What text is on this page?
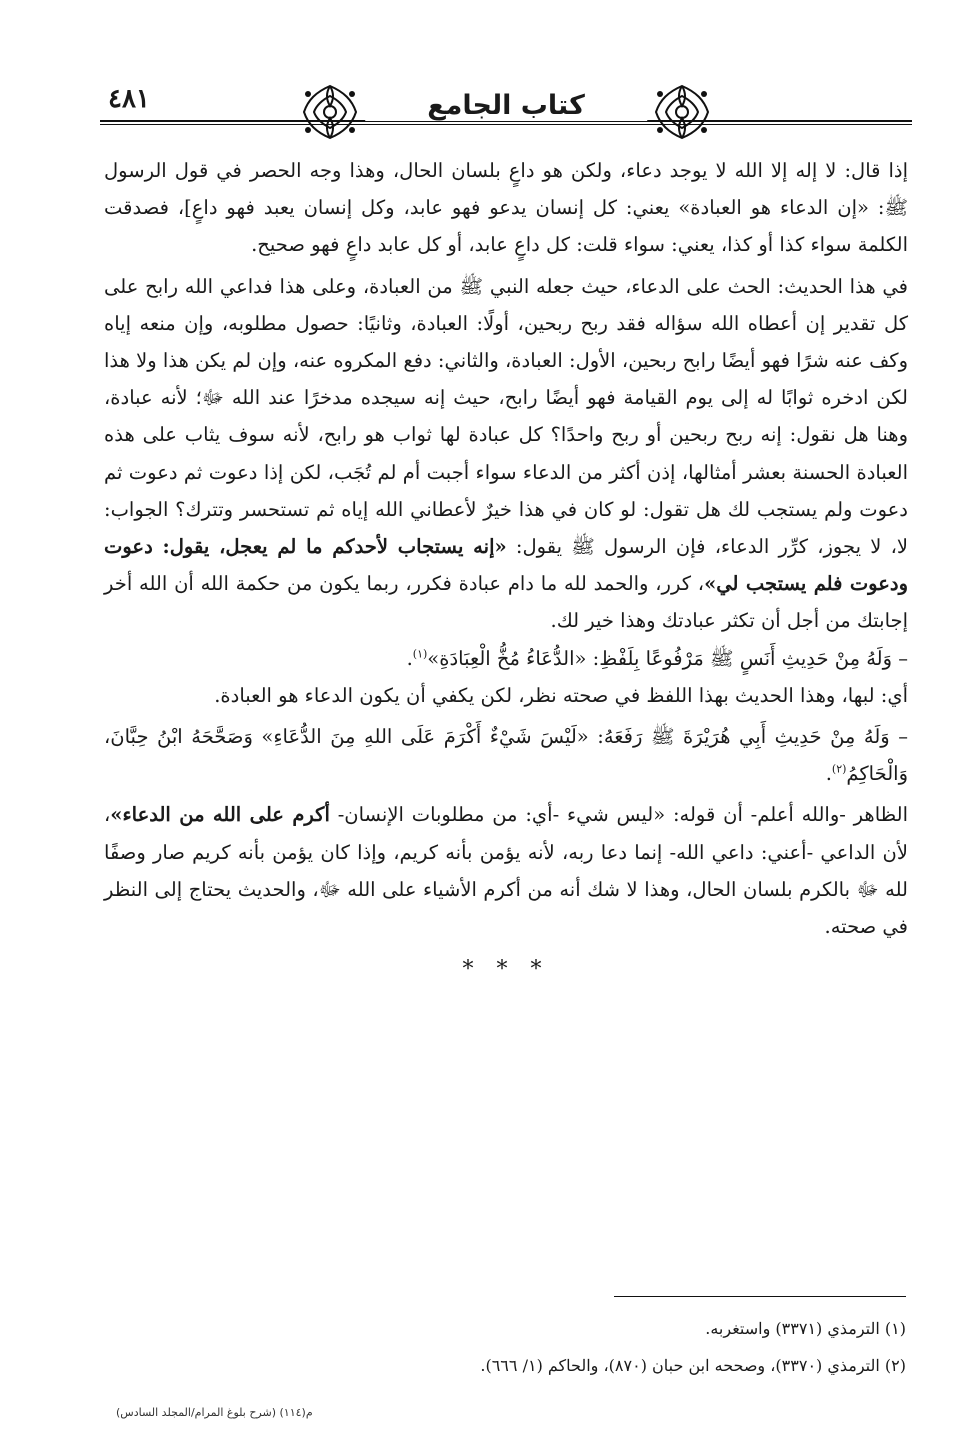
٤٨١	كتاب الجامع

إذا قال: لا إله إلا الله لا يوجد دعاء، ولكن هو داعٍ بلسان الحال، وهذا وجه الحصر في قول الرسول ﷺ: «إن الدعاء هو العبادة» يعني: كل إنسان يدعو فهو عابد، وكل إنسان يعبد فهو داعٍ]، فصدقت الكلمة سواء كذا أو كذا، يعني: سواء قلت: كل داعٍ عابد، أو كل عابد داعٍ فهو صحيح.

في هذا الحديث: الحث على الدعاء، حيث جعله النبي ﷺ من العبادة، وعلى هذا فداعي الله رابح على كل تقدير إن أعطاه الله سؤاله فقد ربح ربحين، أولًا: العبادة، وثانيًا: حصول مطلوبه، وإن منعه إياه وكف عنه شرًا فهو أيضًا رابح ربحين، الأول: العبادة، والثاني: دفع المكروه عنه، وإن لم يكن هذا ولا هذا لكن ادخره ثوابًا له إلى يوم القيامة فهو أيضًا رابح، حيث إنه سيجده مدخرًا عند الله ﷻ؛ لأنه عبادة، وهنا هل نقول: إنه ربح ربحين أو ربح واحدًا؟ كل عبادة لها ثواب هو رابح، لأنه سوف يثاب على هذه العبادة الحسنة بعشر أمثالها، إذن أكثر من الدعاء سواء أجبت أم لم تُجَب، لكن إذا دعوت ثم دعوت ثم دعوت ولم يستجب لك هل تقول: لو كان في هذا خيرٌ لأعطاني الله إياه ثم تستحسر وتترك؟ الجواب: لا، لا يجوز، كرِّر الدعاء، فإن الرسول ﷺ يقول: «إنه يستجاب لأحدكم ما لم يعجل، يقول: دعوت ودعوت فلم يستجب لي»، كرر، والحمد لله ما دام عبادة فكرر، ربما يكون من حكمة الله أن الله أخر إجابتك من أجل أن تكثر عبادتك وهذا خير لك.

– وَلَهُ مِنْ حَدِيثِ أَنَسٍ ﷺ مَرْفُوعًا بِلَفْظِ: «الدُّعَاءُ مُخُّ الْعِبَادَةِ»$^{(١)}$.

أي: لبها، وهذا الحديث بهذا اللفظ في صحته نظر، لكن يكفي أن يكون الدعاء هو العبادة.

– وَلَهُ مِنْ حَدِيثِ أَبِي هُرَيْرَةَ ﷺ رَفَعَهُ: «لَيْسَ شَيْءٌ أَكْرَمَ عَلَى اللهِ مِنَ الدُّعَاءِ» وَصَحَّحَهُ ابْنُ حِبَّانَ، وَالْحَاكِمُ$^{(٢)}$.

الظاهر -والله أعلم- أن قوله: «ليس شيء -أي: من مطلوبات الإنسان- أكرم على الله من الدعاء»، لأن الداعي -أعني: داعي الله- إنما دعا ربه، لأنه يؤمن بأنه كريم، وإذا كان يؤمن بأنه كريم صار وصفًا لله ﷻ بالكرم بلسان الحال، وهذا لا شك أنه من أكرم الأشياء على الله ﷻ، والحديث يحتاج إلى النظر في صحته.

* * *

(١) الترمذي (٣٣٧١) واستغربه.

(٢) الترمذي (٣٣٧٠)، وصححه ابن حبان (٨٧٠)، والحاكم (١/ ٦٦٦).

م(١١٤) (شرح بلوغ المرام/المجلد السادس)
